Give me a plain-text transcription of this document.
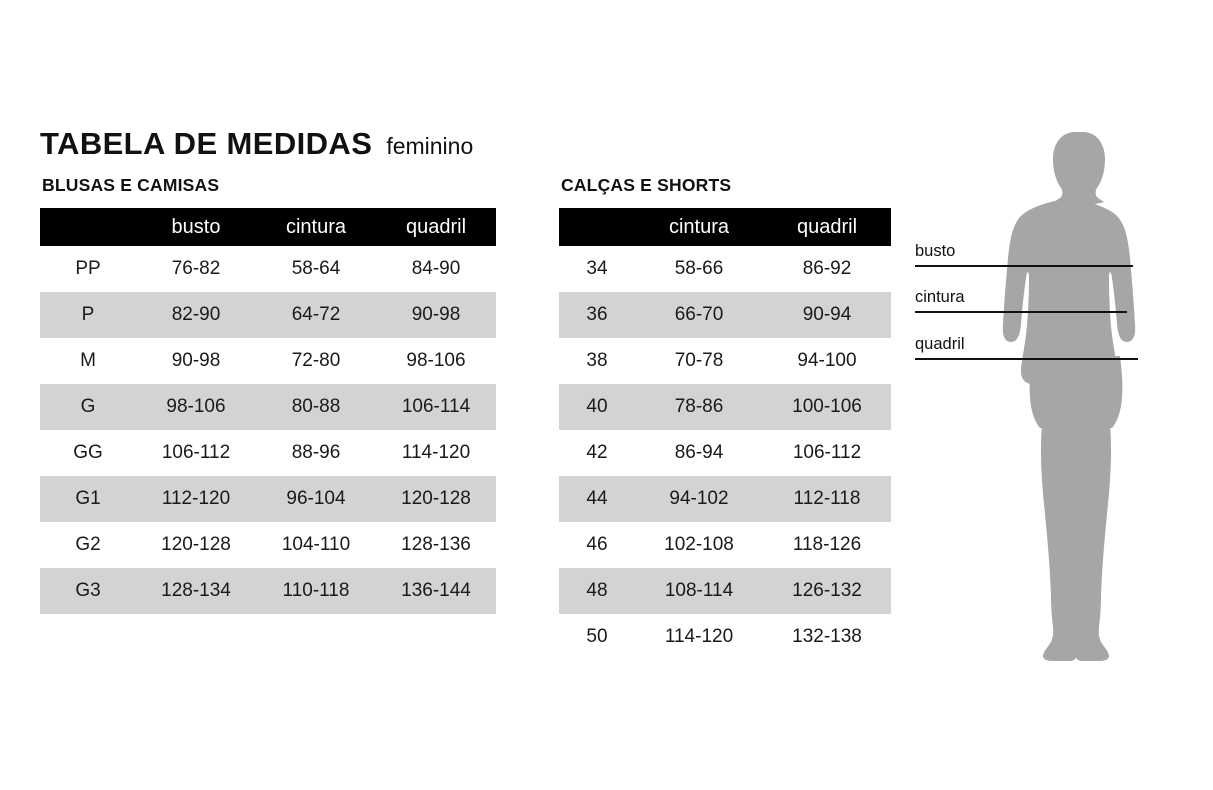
TABELA DE MEDIDAS feminino
BLUSAS E CAMISAS
	busto	cintura	quadril
PP	76-82	58-64	84-90
P	82-90	64-72	90-98
M	90-98	72-80	98-106
G	98-106	80-88	106-114
GG	106-112	88-96	114-120
G1	112-120	96-104	120-128
G2	120-128	104-110	128-136
G3	128-134	110-118	136-144
CALÇAS E SHORTS
	cintura	quadril
34	58-66	86-92
36	66-70	90-94
38	70-78	94-100
40	78-86	100-106
42	86-94	106-112
44	94-102	112-118
46	102-108	118-126
48	108-114	126-132
50	114-120	132-138
busto
cintura
quadril
